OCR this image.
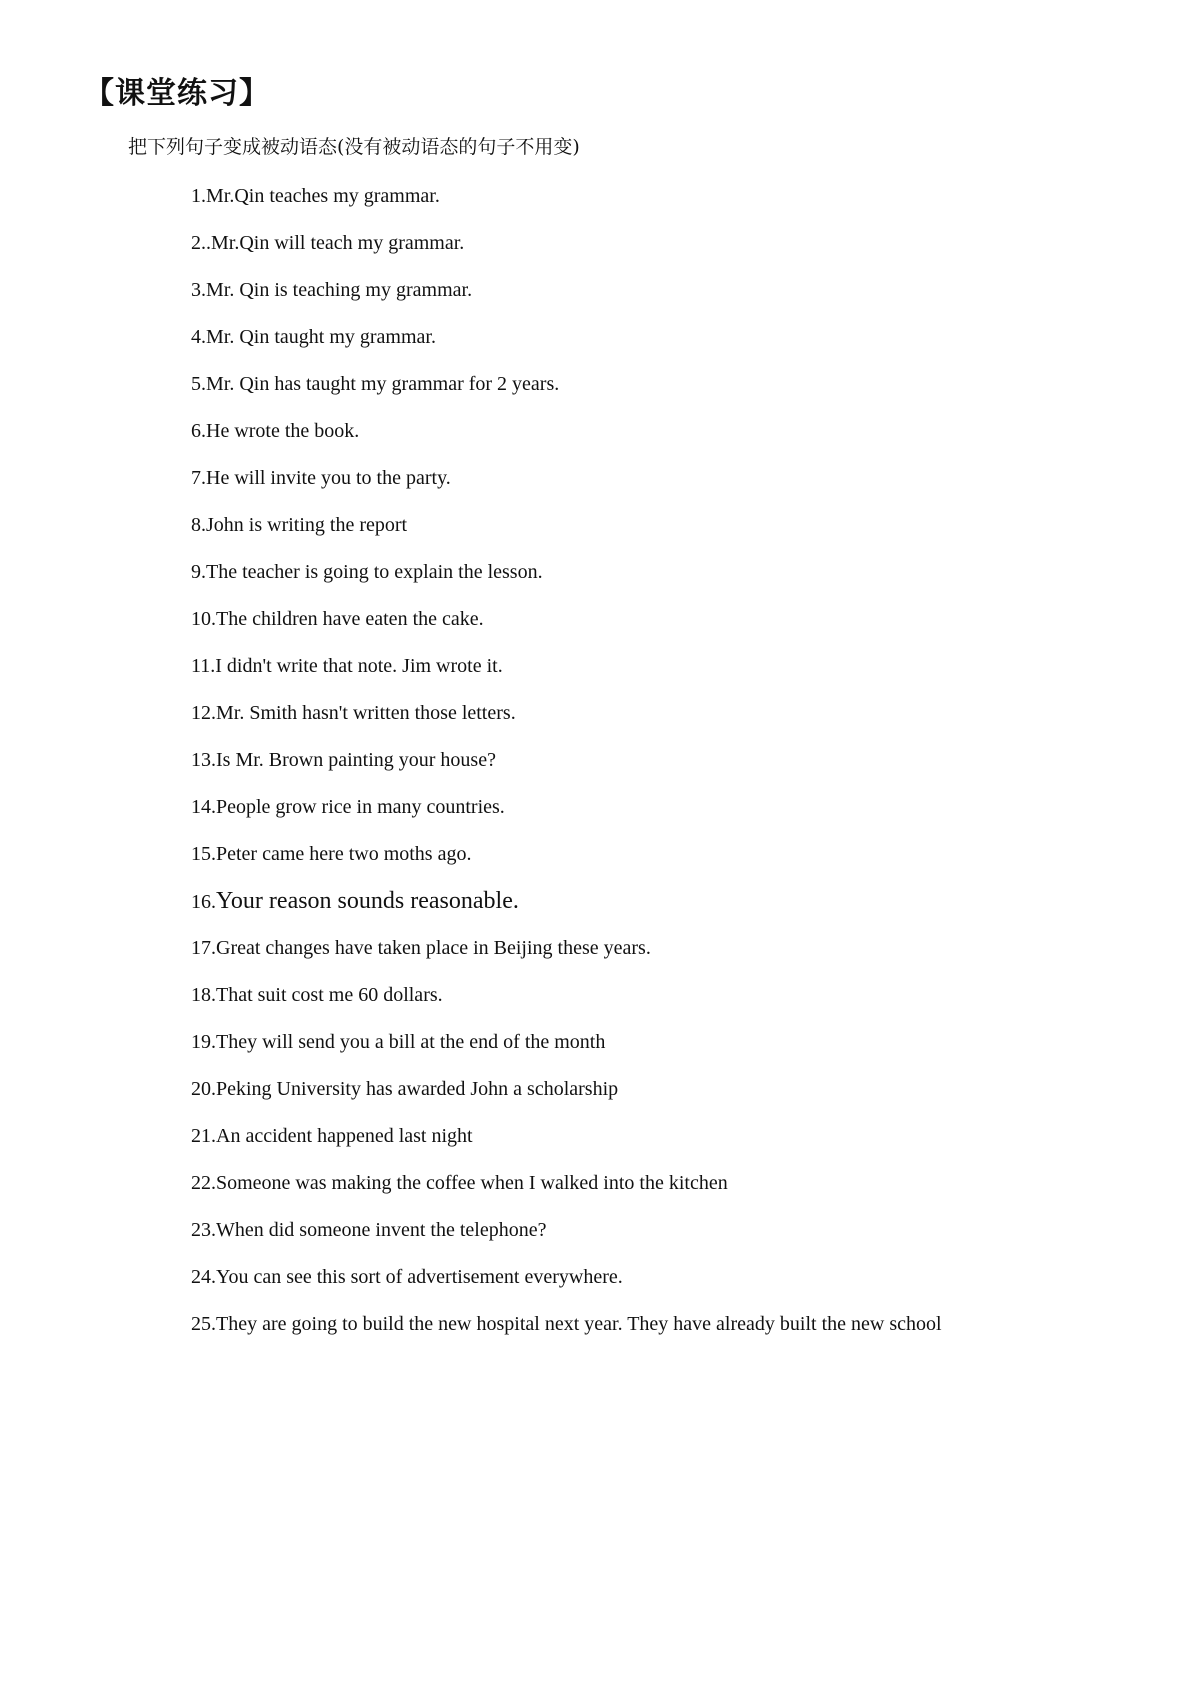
【课堂练习】

把下列句子变成被动语态(没有被动语态的句子不用变)

1.Mr.Qin teaches my grammar.
2..Mr.Qin will teach my grammar.
3.Mr. Qin is teaching my grammar.
4.Mr. Qin taught my grammar.
5.Mr. Qin has taught my grammar for 2 years.
6.He wrote the book.
7.He will invite you to the party.
8.John is writing the report
9.The teacher is going to explain the lesson.
10.The children have eaten the cake.
11.I didn't write that note. Jim wrote it.
12.Mr. Smith hasn't written those letters.
13.Is Mr. Brown painting your house?
14.People grow rice in many countries.
15.Peter came here two moths ago.
16.Your reason sounds reasonable.
17.Great changes have taken place in Beijing these years.
18.That suit cost me 60 dollars.
19.They will send you a bill at the end of the month
20.Peking University has awarded John a scholarship
21.An accident happened last night
22.Someone was making the coffee when I walked into the kitchen
23.When did someone invent the telephone?
24.You can see this sort of advertisement everywhere.
25.They are going to build the new hospital next year. They have already built the new school
